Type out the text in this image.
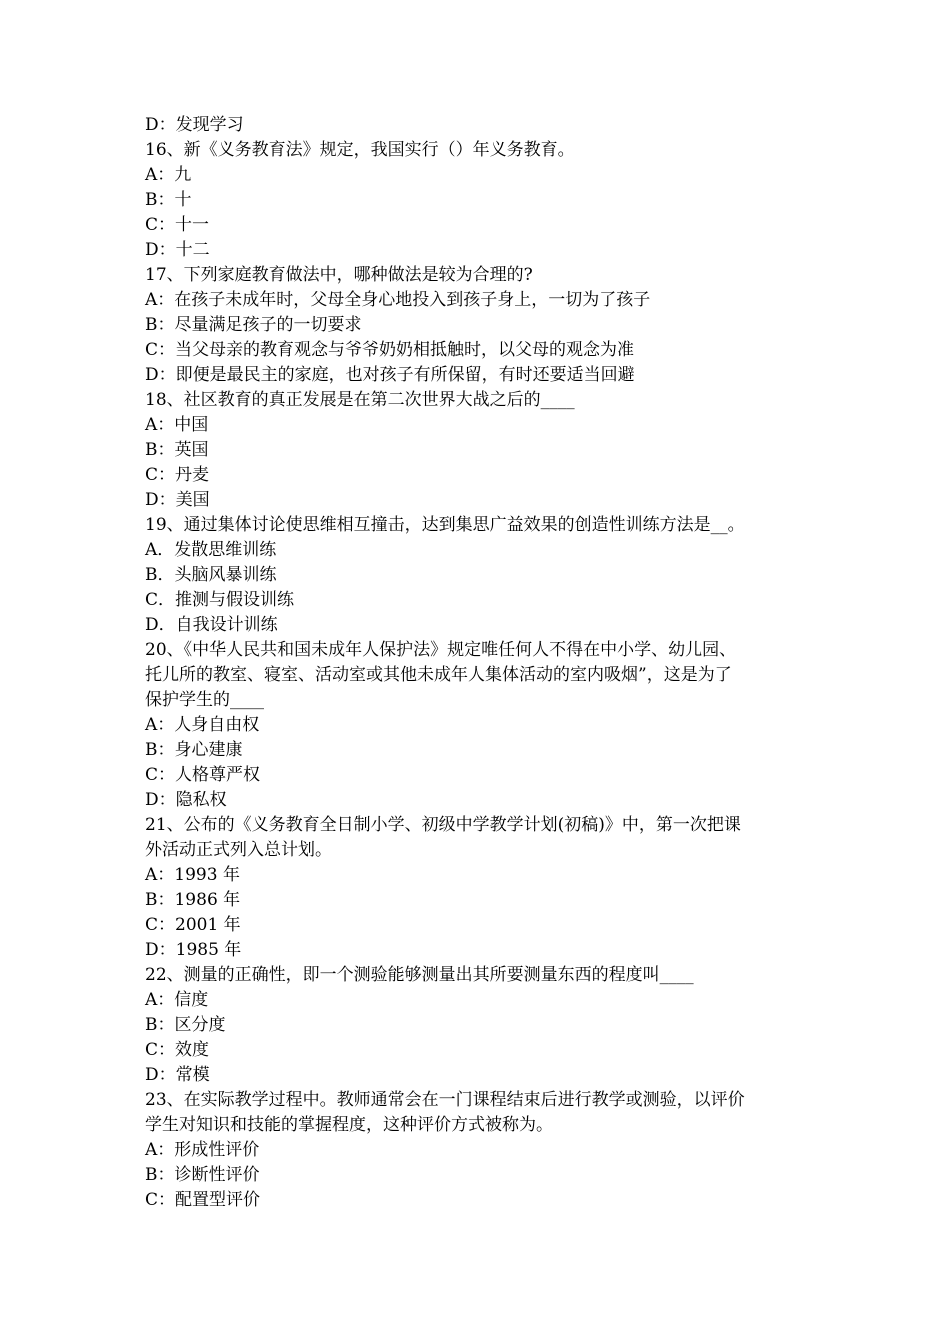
D：发现学习
16、新《义务教育法》规定，我国实行（）年义务教育。
A：九
B：十
C：十一
D：十二
17、下列家庭教育做法中，哪种做法是较为合理的?
A：在孩子未成年时，父母全身心地投入到孩子身上，一切为了孩子
B：尽量满足孩子的一切要求
C：当父母亲的教育观念与爷爷奶奶相抵触时，以父母的观念为准
D：即便是最民主的家庭，也对孩子有所保留，有时还要适当回避
18、社区教育的真正发展是在第二次世界大战之后的____
A：中国
B：英国
C：丹麦
D：美国
19、通过集体讨论使思维相互撞击，达到集思广益效果的创造性训练方法是__。
A．发散思维训练
B．头脑风暴训练
C．推测与假设训练
D．自我设计训练
20、《中华人民共和国未成年人保护法》规定唯任何人不得在中小学、幼儿园、
托儿所的教室、寝室、活动室或其他未成年人集体活动的室内吸烟”，这是为了
保护学生的____
A：人身自由权
B：身心建康
C：人格尊严权
D：隐私权
21、公布的《义务教育全日制小学、初级中学教学计划(初稿)》中，第一次把课
外活动正式列入总计划。
A：1993 年
B：1986 年
C：2001 年
D：1985 年
22、测量的正确性，即一个测验能够测量出其所要测量东西的程度叫____
A：信度
B：区分度
C：效度
D：常模
23、在实际教学过程中。教师通常会在一门课程结束后进行教学或测验，以评价
学生对知识和技能的掌握程度，这种评价方式被称为。
A：形成性评价
B：诊断性评价
C：配置型评价
